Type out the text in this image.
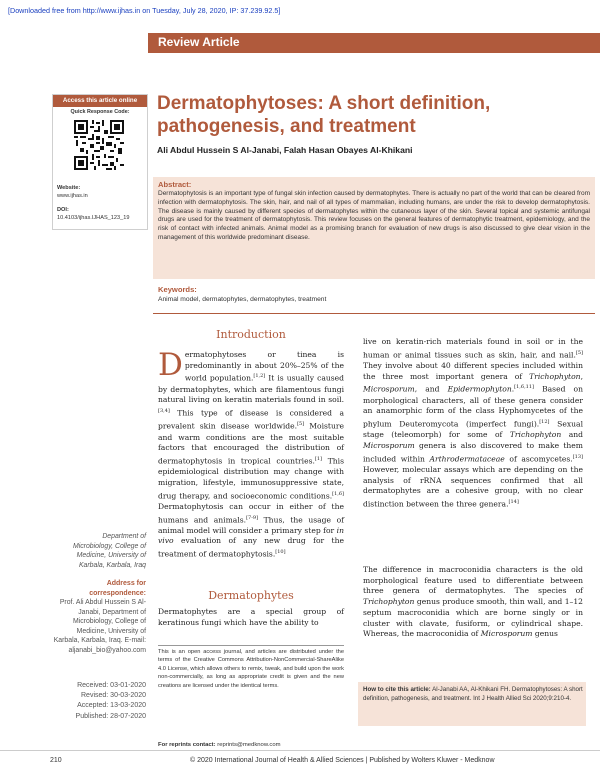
[Downloaded free from http://www.ijhas.in on Tuesday, July 28, 2020, IP: 37.239.92.5]
Review Article
Access this article online
Quick Response Code:
Website:
www.ijhas.in
DOI:
10.4103/ijhas.IJHAS_123_19
Dermatophytoses: A short definition, pathogenesis, and treatment
Ali Abdul Hussein S Al-Janabi, Falah Hasan Obayes Al-Khikani
Abstract:
Dermatophytosis is an important type of fungal skin infection caused by dermatophytes. There is actually no part of the world that can be cleared from infection with dermatophytosis. The skin, hair, and nail of all types of mammalian, including humans, are under the risk to develop dermatophytosis. The disease is mainly caused by different species of dermatophytes within the cutaneous layer of the skin. Several topical and systemic antifungal drugs are used for the treatment of dermatophytosis. This review focuses on the general features of dermatophytic treatment, epidemiology, and the risk of contact with infected animals. Animal model as a promising branch for evaluation of new drugs is also discussed to give clear vision in the management of this worldwide predominant disease.
Keywords:
Animal model, dermatophytes, dermatophytes, treatment
Introduction
Dermatophytoses or tinea is predominantly in about 20%–25% of the world population.[1,2] It is usually caused by dermatophytes, which are filamentous fungi natural living on keratin materials found in soil.[3,4] This type of disease is considered a prevalent skin disease worldwide.[5] Moisture and warm conditions are the most suitable factors that encouraged the distribution of dermatophytosis in tropical countries.[1] This epidemiological distribution may change with migration, lifestyle, immunosuppressive state, drug therapy, and socioeconomic conditions.[1,6] Dermatophytosis can occur in either of the humans and animals.[7-9] Thus, the usage of animal model will consider a primary step for in vivo evaluation of any new drug for the treatment of dermatophytosis.[10]
Dermatophytes
Dermatophytes are a special group of keratinous fungi which have the ability to
This is an open access journal, and articles are distributed under the terms of the Creative Commons Attribution-NonCommercial-ShareAlike 4.0 License, which allows others to remix, tweak, and build upon the work non-commercially, as long as appropriate credit is given and the new creations are licensed under the identical terms.
For reprints contact: reprints@medknow.com
live on keratin-rich materials found in soil or in the human or animal tissues such as skin, hair, and nail.[5] They involve about 40 different species included within the three most important genera of Trichophyton, Microsporum, and Epidermophyton.[1,6,11] Based on morphological characters, all of these genera consider an anamorphic form of the class Hyphomycetes of the phylum Deuteromycota (imperfect fungi).[12] Sexual stage (teleomorph) for some of Trichophyton and Microsporum genera is also discovered to make them included within Arthrodermataceae of ascomycetes.[13] However, molecular assays which are depending on the analysis of rRNA sequences confirmed that all dermatophytes are a cohesive group, with no clear distinction between the three genera.[14]
The difference in macroconidia characters is the old morphological feature used to differentiate between three genera of dermatophytes. The species of Trichophyton genus produce smooth, thin wall, and 1–12 septum macroconidia which are borne singly or in cluster with clavate, fusiform, or cylindrical shape. Whereas, the macroconidia of Microsporum genus
How to cite this article: Al-Janabi AA, Al-Khikani FH. Dermatophytoses: A short definition, pathogenesis, and treatment. Int J Health Allied Sci 2020;9:210-4.
Department of Microbiology, College of Medicine, University of Karbala, Karbala, Iraq
Address for correspondence:
Prof. Ali Abdul Hussein S Al-Janabi, Department of Microbiology, College of Medicine, University of Karbala, Karbala, Iraq. E-mail: aljanabi_bio@yahoo.com
Received: 03-01-2020
Revised: 30-03-2020
Accepted: 13-03-2020
Published: 28-07-2020
210	© 2020 International Journal of Health & Allied Sciences | Published by Wolters Kluwer - Medknow
